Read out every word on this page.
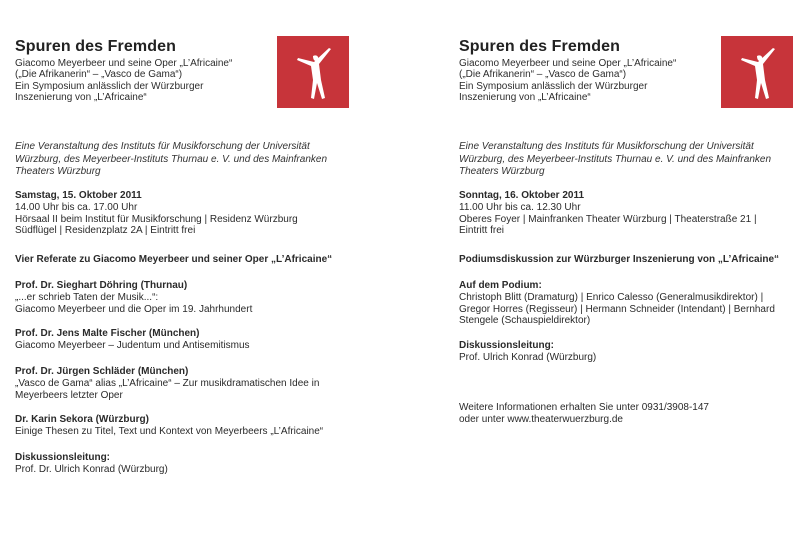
Spuren des Fremden
Giacomo Meyerbeer und seine Oper „L’Africaine“
(„Die Afrikanerin“ – „Vasco de Gama“)
Ein Symposium anlässlich der Würzburger
Inszenierung von „L’Africaine“
Eine Veranstaltung des Instituts für Musikforschung der Universität
Würzburg, des Meyerbeer-Instituts Thurnau e. V. und des Mainfranken
Theaters Würzburg
Samstag, 15. Oktober 2011
14.00 Uhr bis ca. 17.00 Uhr
Hörsaal II beim Institut für Musikforschung | Residenz Würzburg
Südflügel | Residenzplatz 2A | Eintritt frei
Vier Referate zu Giacomo Meyerbeer und seiner Oper „L’Africaine“
Prof. Dr. Sieghart Döhring (Thurnau)
„...er schrieb Taten der Musik...“:
Giacomo Meyerbeer und die Oper im 19. Jahrhundert
Prof. Dr. Jens Malte Fischer (München)
Giacomo Meyerbeer – Judentum und Antisemitismus
Prof. Dr. Jürgen Schläder (München)
„Vasco de Gama“ alias „L’Africaine“ – Zur musikdramatischen Idee in
Meyerbeers letzter Oper
Dr. Karin Sekora (Würzburg)
Einige Thesen zu Titel, Text und Kontext von Meyerbeers „L’Africaine“
Diskussionsleitung:
Prof. Dr. Ulrich Konrad (Würzburg)
Spuren des Fremden
Giacomo Meyerbeer und seine Oper „L’Africaine“
(„Die Afrikanerin“ – „Vasco de Gama“)
Ein Symposium anlässlich der Würzburger
Inszenierung von „L’Africaine“
Eine Veranstaltung des Instituts für Musikforschung der Universität
Würzburg, des Meyerbeer-Instituts Thurnau e. V. und des Mainfranken
Theaters Würzburg
Sonntag, 16. Oktober 2011
11.00 Uhr bis ca. 12.30 Uhr
Oberes Foyer | Mainfranken Theater Würzburg | Theaterstraße 21 |
Eintritt frei
Podiumsdiskussion zur Würzburger Inszenierung von „L’Africaine“
Auf dem Podium:
Christoph Blitt (Dramaturg) | Enrico Calesso (Generalmusikdirektor) |
Gregor Horres (Regisseur) | Hermann Schneider (Intendant) | Bernhard
Stengele (Schauspieldirektor)
Diskussionsleitung:
Prof. Ulrich Konrad (Würzburg)
Weitere Informationen erhalten Sie unter 0931/3908-147
oder unter www.theaterwuerzburg.de
